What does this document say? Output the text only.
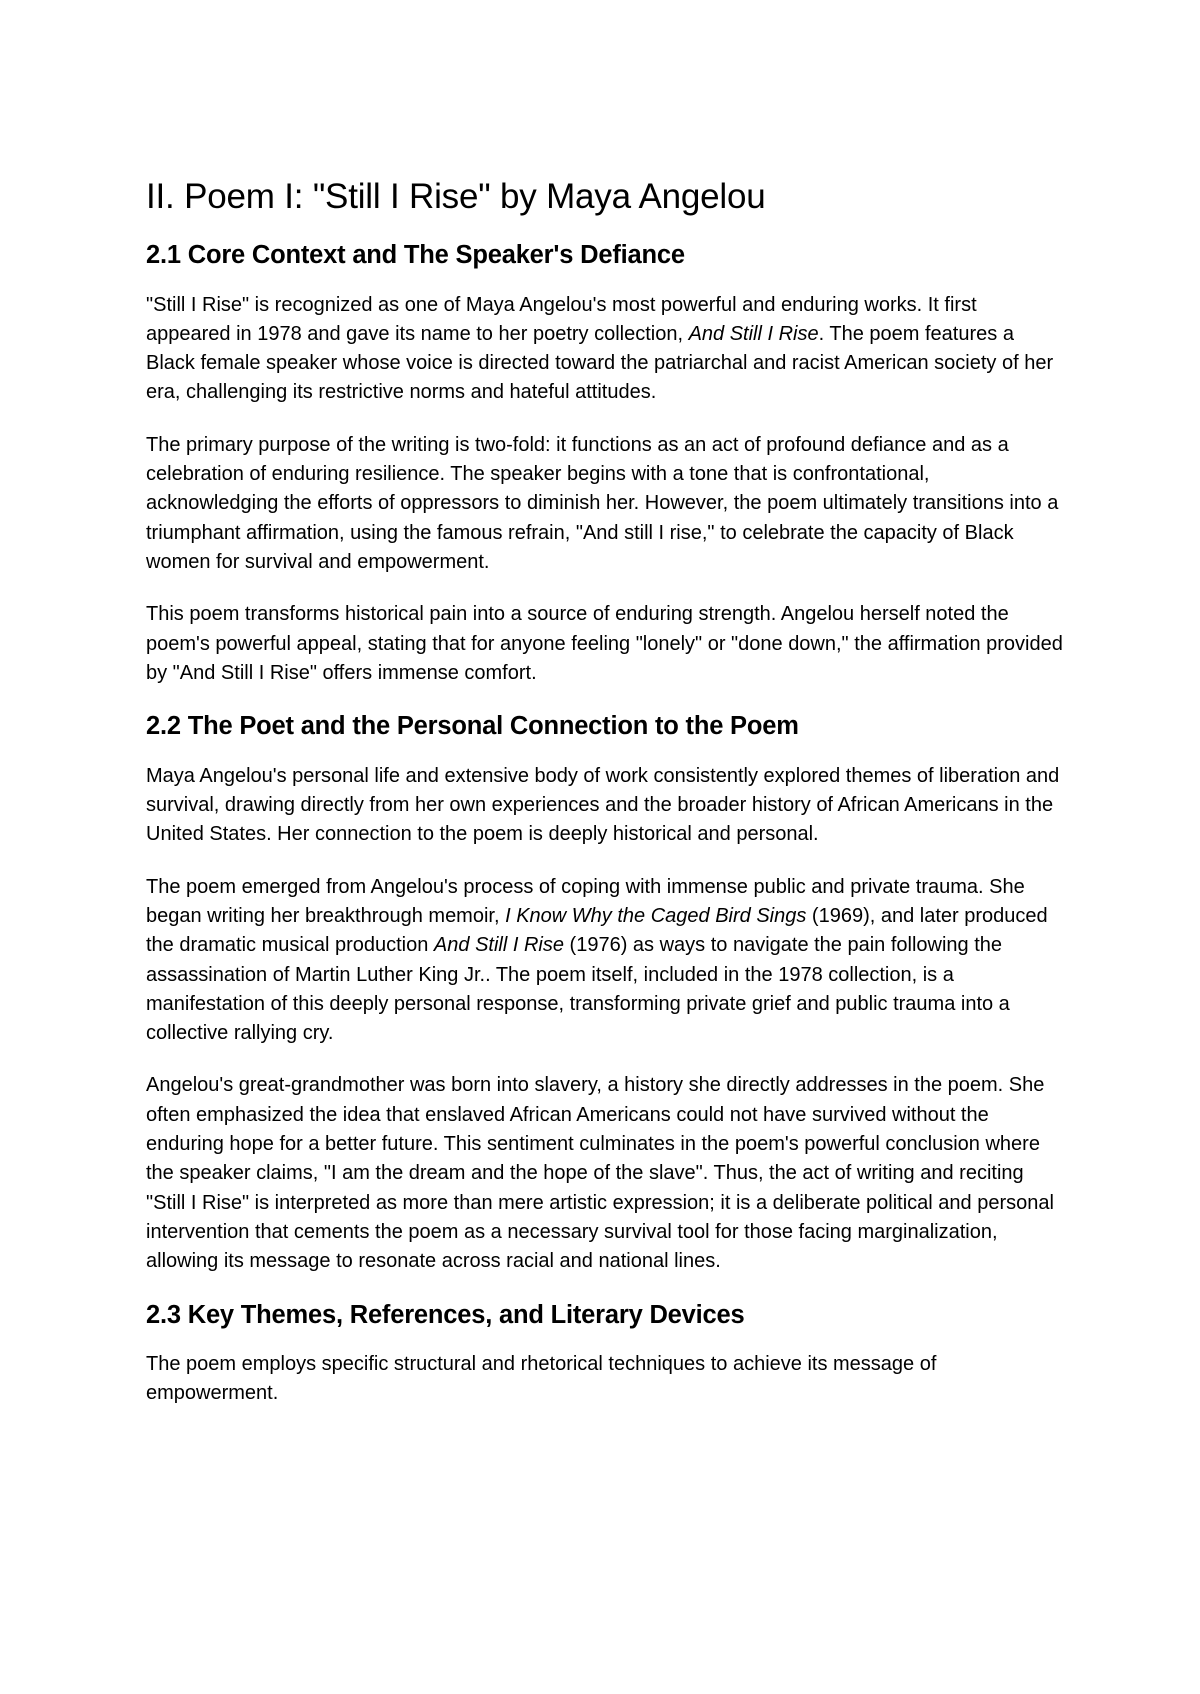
II. Poem I: "Still I Rise" by Maya Angelou
2.1 Core Context and The Speaker's Defiance

"Still I Rise" is recognized as one of Maya Angelou's most powerful and enduring works. It first appeared in 1978 and gave its name to her poetry collection, And Still I Rise. The poem features a Black female speaker whose voice is directed toward the patriarchal and racist American society of her era, challenging its restrictive norms and hateful attitudes.

The primary purpose of the writing is two-fold: it functions as an act of profound defiance and as a celebration of enduring resilience. The speaker begins with a tone that is confrontational, acknowledging the efforts of oppressors to diminish her. However, the poem ultimately transitions into a triumphant affirmation, using the famous refrain, "And still I rise," to celebrate the capacity of Black women for survival and empowerment.

This poem transforms historical pain into a source of enduring strength. Angelou herself noted the poem's powerful appeal, stating that for anyone feeling "lonely" or "done down," the affirmation provided by "And Still I Rise" offers immense comfort.

2.2 The Poet and the Personal Connection to the Poem

Maya Angelou's personal life and extensive body of work consistently explored themes of liberation and survival, drawing directly from her own experiences and the broader history of African Americans in the United States. Her connection to the poem is deeply historical and personal.

The poem emerged from Angelou's process of coping with immense public and private trauma. She began writing her breakthrough memoir, I Know Why the Caged Bird Sings (1969), and later produced the dramatic musical production And Still I Rise (1976) as ways to navigate the pain following the assassination of Martin Luther King Jr.. The poem itself, included in the 1978 collection, is a manifestation of this deeply personal response, transforming private grief and public trauma into a collective rallying cry.

Angelou's great-grandmother was born into slavery, a history she directly addresses in the poem. She often emphasized the idea that enslaved African Americans could not have survived without the enduring hope for a better future. This sentiment culminates in the poem's powerful conclusion where the speaker claims, "I am the dream and the hope of the slave". Thus, the act of writing and reciting "Still I Rise" is interpreted as more than mere artistic expression; it is a deliberate political and personal intervention that cements the poem as a necessary survival tool for those facing marginalization, allowing its message to resonate across racial and national lines.

2.3 Key Themes, References, and Literary Devices

The poem employs specific structural and rhetorical techniques to achieve its message of empowerment.
